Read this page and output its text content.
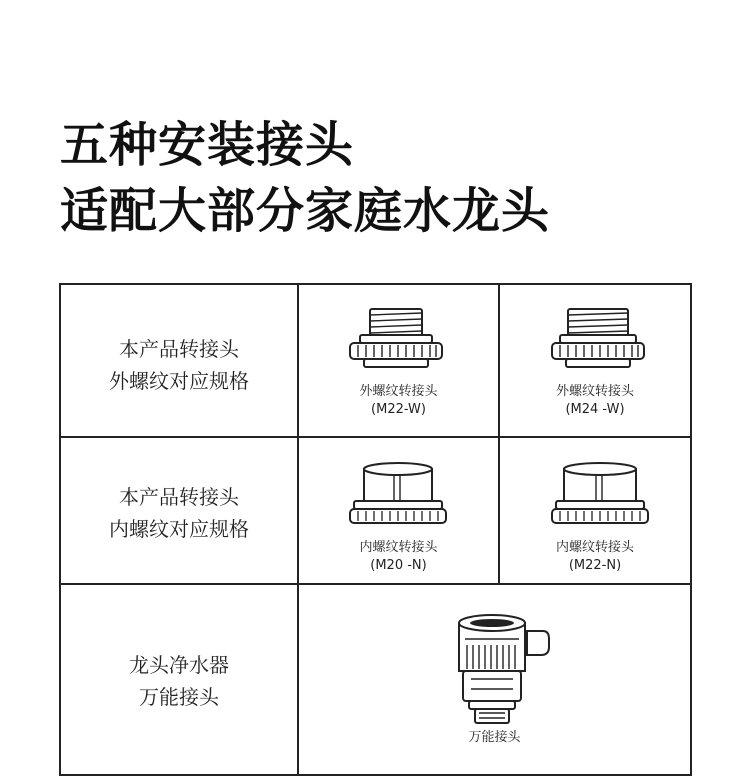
五种安装接头
适配大部分家庭水龙头
本产品转接头
外螺纹对应规格	外螺纹转接头
(M22-W)
外螺纹转接头
(M24 -W)
本产品转接头
内螺纹对应规格
内螺纹转接头
(M20 -N)
内螺纹转接头
(M22-N)
龙头净水器
万能接头
万能接头
